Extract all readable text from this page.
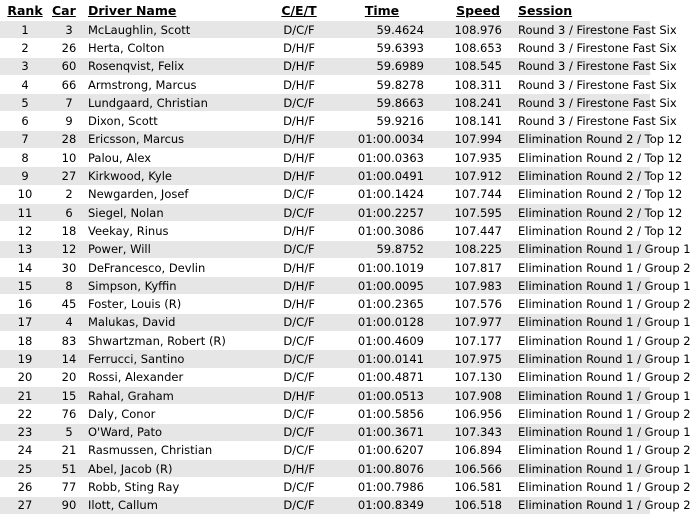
Rank	Car	Driver Name	C/E/T	Time	Speed	Session
1	3	McLaughlin, Scott	D/C/F	59.4624	108.976	Round 3 / Firestone Fast Six
2	26	Herta, Colton	D/H/F	59.6393	108.653	Round 3 / Firestone Fast Six
3	60	Rosenqvist, Felix	D/H/F	59.6989	108.545	Round 3 / Firestone Fast Six
4	66	Armstrong, Marcus	D/H/F	59.8278	108.311	Round 3 / Firestone Fast Six
5	7	Lundgaard, Christian	D/C/F	59.8663	108.241	Round 3 / Firestone Fast Six
6	9	Dixon, Scott	D/H/F	59.9216	108.141	Round 3 / Firestone Fast Six
7	28	Ericsson, Marcus	D/H/F	01:00.0034	107.994	Elimination Round 2 / Top 12
8	10	Palou, Alex	D/H/F	01:00.0363	107.935	Elimination Round 2 / Top 12
9	27	Kirkwood, Kyle	D/H/F	01:00.0491	107.912	Elimination Round 2 / Top 12
10	2	Newgarden, Josef	D/C/F	01:00.1424	107.744	Elimination Round 2 / Top 12
11	6	Siegel, Nolan	D/C/F	01:00.2257	107.595	Elimination Round 2 / Top 12
12	18	Veekay, Rinus	D/H/F	01:00.3086	107.447	Elimination Round 2 / Top 12
13	12	Power, Will	D/C/F	59.8752	108.225	Elimination Round 1 / Group 1
14	30	DeFrancesco, Devlin	D/H/F	01:00.1019	107.817	Elimination Round 1 / Group 2
15	8	Simpson, Kyffin	D/H/F	01:00.0095	107.983	Elimination Round 1 / Group 1
16	45	Foster, Louis (R)	D/H/F	01:00.2365	107.576	Elimination Round 1 / Group 2
17	4	Malukas, David	D/C/F	01:00.0128	107.977	Elimination Round 1 / Group 1
18	83	Shwartzman, Robert (R)	D/C/F	01:00.4609	107.177	Elimination Round 1 / Group 2
19	14	Ferrucci, Santino	D/C/F	01:00.0141	107.975	Elimination Round 1 / Group 1
20	20	Rossi, Alexander	D/C/F	01:00.4871	107.130	Elimination Round 1 / Group 2
21	15	Rahal, Graham	D/H/F	01:00.0513	107.908	Elimination Round 1 / Group 1
22	76	Daly, Conor	D/C/F	01:00.5856	106.956	Elimination Round 1 / Group 2
23	5	O'Ward, Pato	D/C/F	01:00.3671	107.343	Elimination Round 1 / Group 1
24	21	Rasmussen, Christian	D/C/F	01:00.6207	106.894	Elimination Round 1 / Group 2
25	51	Abel, Jacob (R)	D/H/F	01:00.8076	106.566	Elimination Round 1 / Group 1
26	77	Robb, Sting Ray	D/C/F	01:00.7986	106.581	Elimination Round 1 / Group 2
27	90	Ilott, Callum	D/C/F	01:00.8349	106.518	Elimination Round 1 / Group 2
